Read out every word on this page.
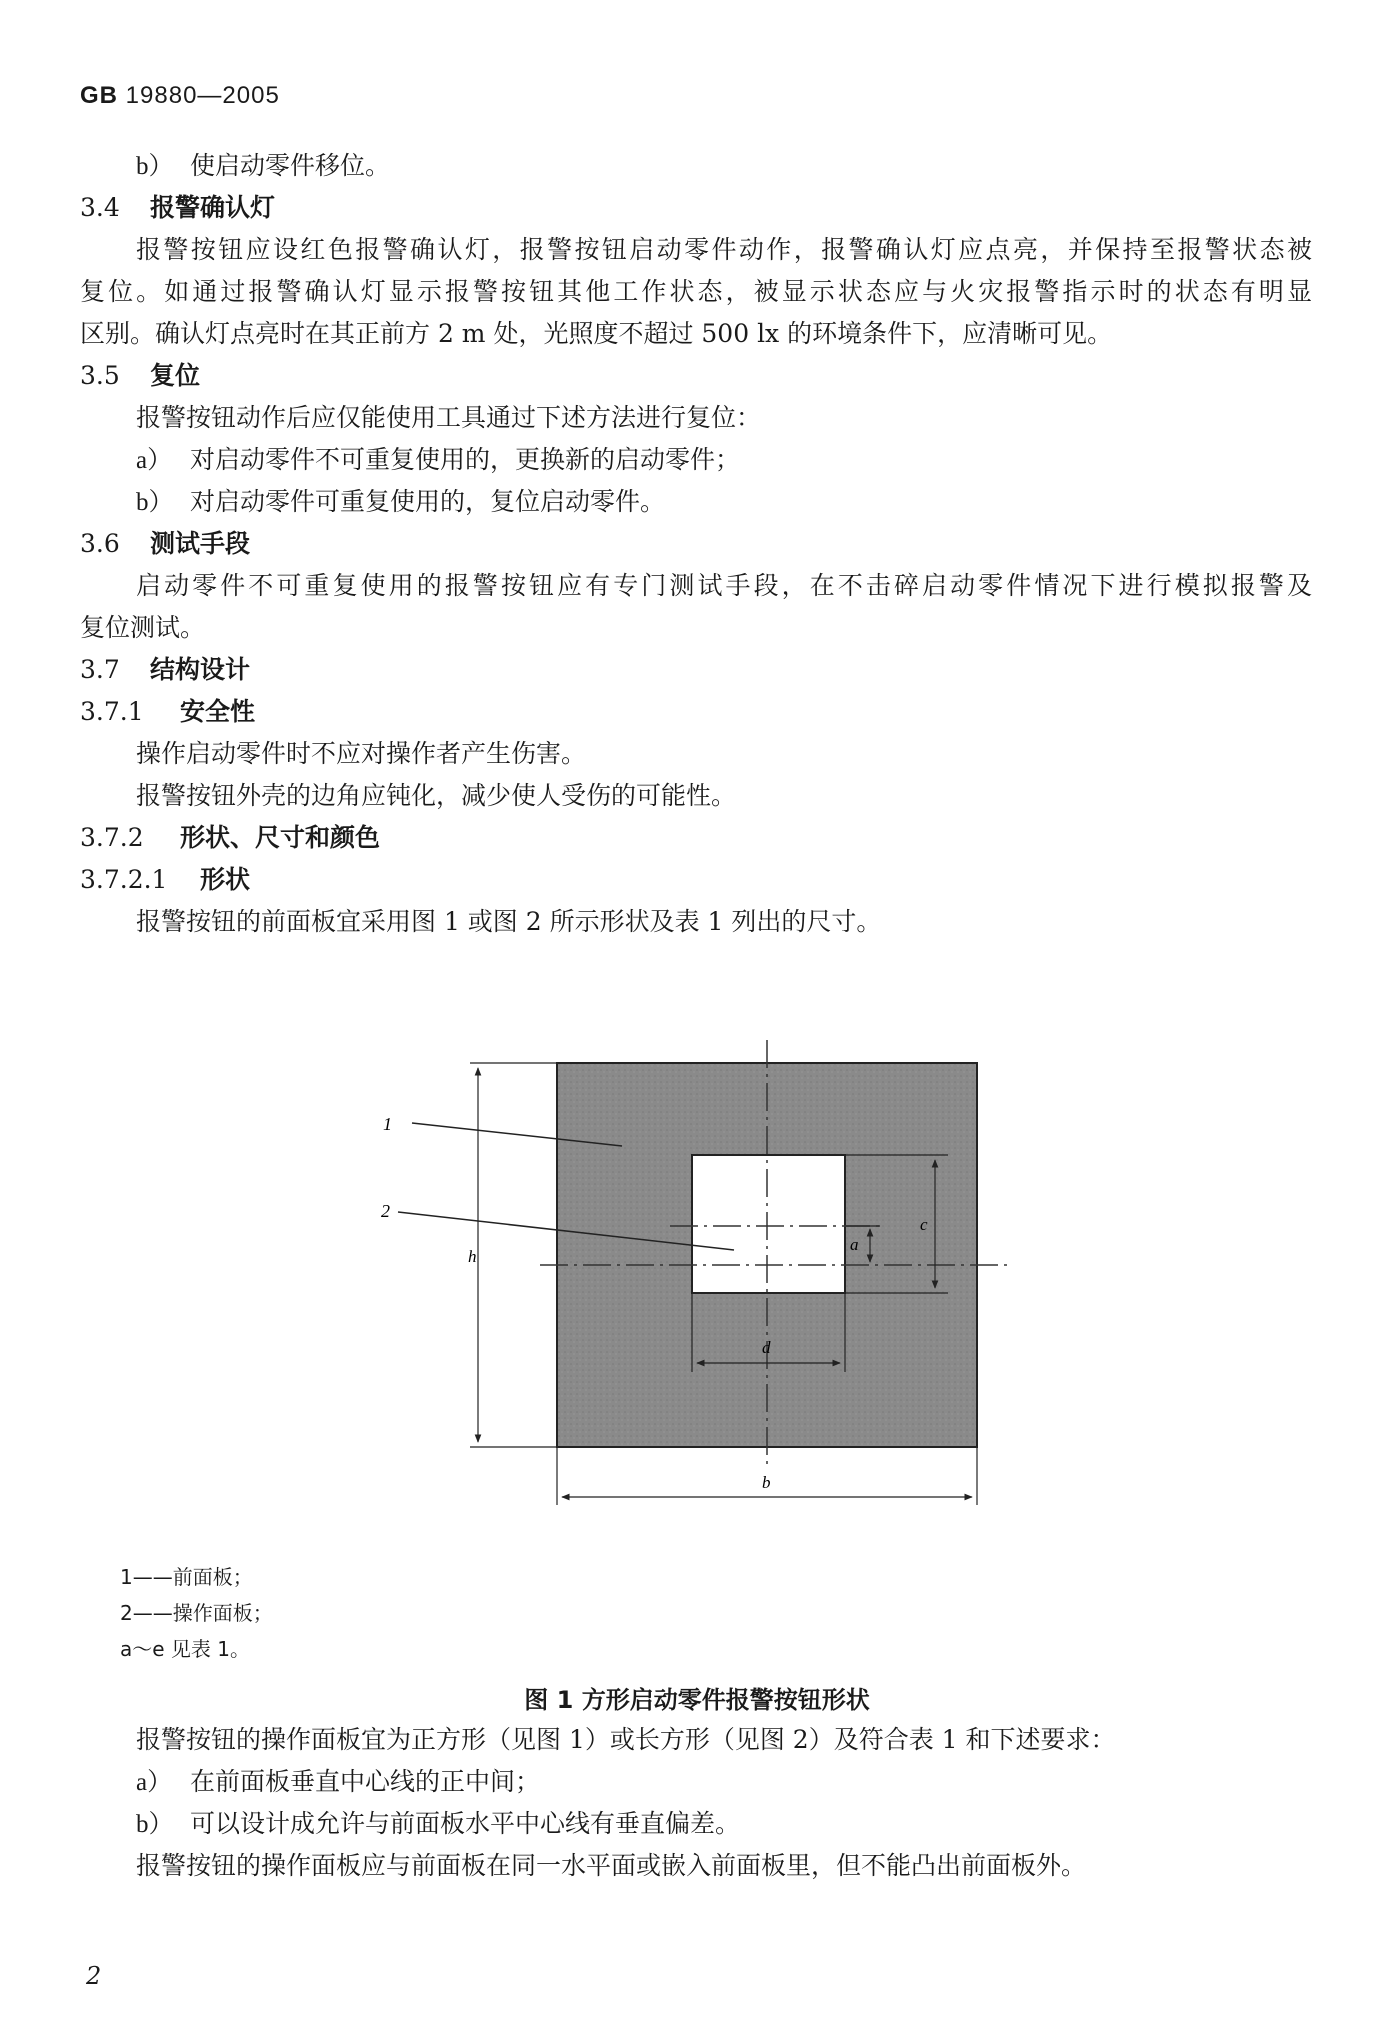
GB 19880—2005
b） 使启动零件移位。
3.4 报警确认灯
报警按钮应设红色报警确认灯，报警按钮启动零件动作，报警确认灯应点亮，并保持至报警状态被
复位。如通过报警确认灯显示报警按钮其他工作状态，被显示状态应与火灾报警指示时的状态有明显
区别。确认灯点亮时在其正前方 2 m 处，光照度不超过 500 lx 的环境条件下，应清晰可见。
3.5 复位
报警按钮动作后应仅能使用工具通过下述方法进行复位：
a） 对启动零件不可重复使用的，更换新的启动零件；
b） 对启动零件可重复使用的，复位启动零件。
3.6 测试手段
启动零件不可重复使用的报警按钮应有专门测试手段，在不击碎启动零件情况下进行模拟报警及
复位测试。
3.7 结构设计
3.7.1 安全性
操作启动零件时不应对操作者产生伤害。
报警按钮外壳的边角应钝化，减少使人受伤的可能性。
3.7.2 形状、尺寸和颜色
3.7.2.1 形状
报警按钮的前面板宜采用图 1 或图 2 所示形状及表 1 列出的尺寸。
1
2
h
b
d
c
a
1——前面板；
2——操作面板；
a～e 见表 1。
图 1 方形启动零件报警按钮形状
报警按钮的操作面板宜为正方形（见图 1）或长方形（见图 2）及符合表 1 和下述要求：
a） 在前面板垂直中心线的正中间；
b） 可以设计成允许与前面板水平中心线有垂直偏差。
报警按钮的操作面板应与前面板在同一水平面或嵌入前面板里，但不能凸出前面板外。
2
